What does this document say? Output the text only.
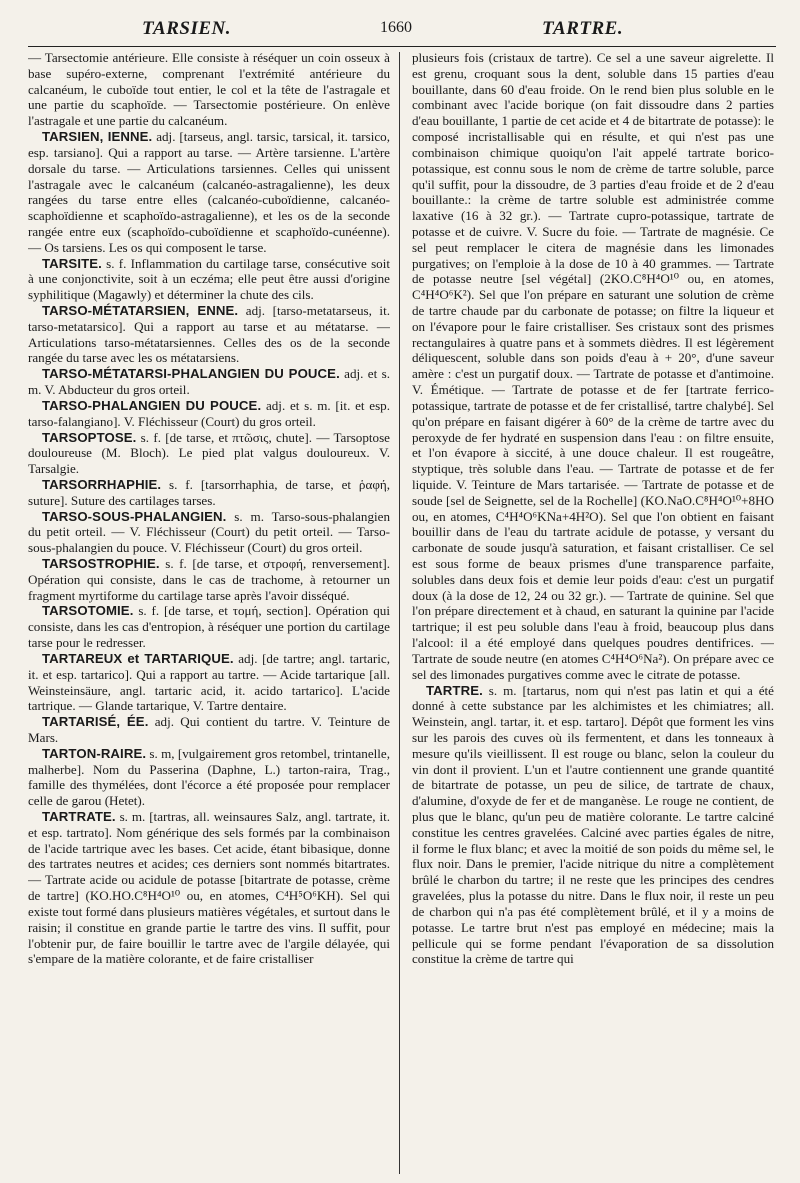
TARSIEN.	1660	TARTRE.

— Tarsectomie antérieure. Elle consiste à réséquer un coin osseux à base supéro-externe, comprenant l'extrémité antérieure du calcanéum, le cuboïde tout entier, le col et la tête de l'astragale et une partie du scaphoïde. — Tarsectomie postérieure. On enlève l'astragale et une partie du calcanéum.

TARSIEN, IENNE. adj. [tarseus, angl. tarsic, tarsical, it. tarsico, esp. tarsiano]. Qui a rapport au tarse. — Artère tarsienne. L'artère dorsale du tarse. — Articulations tarsiennes. Celles qui unissent l'astragale avec le calcanéum (calcanéo-astragalienne), les deux rangées du tarse entre elles (calcanéo-cuboïdienne, calcanéo-scaphoïdienne et scaphoïdo-astragalienne), et les os de la seconde rangée entre eux (scaphoïdo-cuboïdienne et scaphoïdo-cunéenne). — Os tarsiens. Les os qui composent le tarse.

TARSITE. s. f. Inflammation du cartilage tarse, consécutive soit à une conjonctivite, soit à un eczéma; elle peut être aussi d'origine syphilitique (Magawly) et déterminer la chute des cils.

TARSO-MÉTATARSIEN, ENNE. adj. [tarso-metatarseus, it. tarso-metatarsico]. Qui a rapport au tarse et au métatarse. — Articulations tarso-métatarsiennes. Celles des os de la seconde rangée du tarse avec les os métatarsiens.

TARSO-MÉTATARSI-PHALANGIEN DU POUCE. adj. et s. m. V. Abducteur du gros orteil.

TARSO-PHALANGIEN DU POUCE. adj. et s. m. [it. et esp. tarso-falangiano]. V. Fléchisseur (Court) du gros orteil.

TARSOPTOSE. s. f. [de tarse, et πτῶσις, chute]. — Tarsoptose douloureuse (M. Bloch). Le pied plat valgus douloureux. V. Tarsalgie.

TARSORRHAPHIE. s. f. [tarsorrhaphia, de tarse, et ῥαφή, suture]. Suture des cartilages tarses.

TARSO-SOUS-PHALANGIEN. s. m. Tarso-sous-phalangien du petit orteil. — V. Fléchisseur (Court) du petit orteil. — Tarso-sous-phalangien du pouce. V. Fléchisseur (Court) du gros orteil.

TARSOSTROPHIE. s. f. [de tarse, et στροφή, renversement]. Opération qui consiste, dans le cas de trachome, à retourner un fragment myrtiforme du cartilage tarse après l'avoir disséqué.

TARSOTOMIE. s. f. [de tarse, et τομή, section]. Opération qui consiste, dans les cas d'entropion, à réséquer une portion du cartilage tarse pour le redresser.

TARTAREUX et TARTARIQUE. adj. [de tartre; angl. tartaric, it. et esp. tartarico]. Qui a rapport au tartre. — Acide tartarique [all. Weinsteinsäure, angl. tartaric acid, it. acido tartarico]. L'acide tartrique. — Glande tartarique, V. Tartre dentaire.

TARTARISÉ, ÉE. adj. Qui contient du tartre. V. Teinture de Mars.

TARTON-RAIRE. s. m, [vulgairement gros retombel, trintanelle, malherbe]. Nom du Passerina (Daphne, L.) tarton-raira, Trag., famille des thymélées, dont l'écorce a été proposée pour remplacer celle de garou (Hetet).

TARTRATE. s. m. [tartras, all. weinsaures Salz, angl. tartrate, it. et esp. tartrato]. Nom générique des sels formés par la combinaison de l'acide tartrique avec les bases. Cet acide, étant bibasique, donne des tartrates neutres et acides; ces derniers sont nommés bitartrates. — Tartrate acide ou acidule de potasse [bitartrate de potasse, crème de tartre] (KO.HO.C⁸H⁴O¹⁰ ou, en atomes, C⁴H⁵O⁶KH). Sel qui existe tout formé dans plusieurs matières végétales, et surtout dans le raisin; il constitue en grande partie le tartre des vins. Il suffit, pour l'obtenir pur, de faire bouillir le tartre avec de l'argile délayée, qui s'empare de la matière colorante, et de faire cristalliser

plusieurs fois (cristaux de tartre). Ce sel a une saveur aigrelette. Il est grenu, croquant sous la dent, soluble dans 15 parties d'eau bouillante, dans 60 d'eau froide. On le rend bien plus soluble en le combinant avec l'acide borique (on fait dissoudre dans 2 parties d'eau bouillante, 1 partie de cet acide et 4 de bitartrate de potasse): le composé incristallisable qui en résulte, et qui n'est pas une combinaison chimique quoiqu'on l'ait appelé tartrate borico-potassique, est connu sous le nom de crème de tartre soluble, parce qu'il suffit, pour la dissoudre, de 3 parties d'eau froide et de 2 d'eau bouillante.: la crème de tartre soluble est administrée comme laxative (16 à 32 gr.). — Tartrate cupro-potassique, tartrate de potasse et de cuivre. V. Sucre du foie. — Tartrate de magnésie. Ce sel peut remplacer le citera de magnésie dans les limonades purgatives; on l'emploie à la dose de 10 à 40 grammes. — Tartrate de potasse neutre [sel végétal] (2KO.C⁸H⁴O¹⁰ ou, en atomes, C⁴H⁴O⁶K²). Sel que l'on prépare en saturant une solution de crème de tartre chaude par du carbonate de potasse; on filtre la liqueur et on l'évapore pour le faire cristalliser. Ses cristaux sont des prismes rectangulaires à quatre pans et à sommets dièdres. Il est légèrement déliquescent, soluble dans son poids d'eau à + 20°, d'une saveur amère : c'est un purgatif doux. — Tartrate de potasse et d'antimoine. V. Émétique. — Tartrate de potasse et de fer [tartrate ferrico-potassique, tartrate de potasse et de fer cristallisé, tartre chalybé]. Sel qu'on prépare en faisant digérer à 60° de la crème de tartre avec du peroxyde de fer hydraté en suspension dans l'eau : on filtre ensuite, et l'on évapore à siccité, à une douce chaleur. Il est rougeâtre, styptique, très soluble dans l'eau. — Tartrate de potasse et de fer liquide. V. Teinture de Mars tartarisée. — Tartrate de potasse et de soude [sel de Seignette, sel de la Rochelle] (KO.NaO.C⁸H⁴O¹⁰+8HO ou, en atomes, C⁴H⁴O⁶KNa+4H²O). Sel que l'on obtient en faisant bouillir dans de l'eau du tartrate acidule de potasse, y versant du carbonate de soude jusqu'à saturation, et faisant cristalliser. Ce sel est sous forme de beaux prismes d'une transparence parfaite, solubles dans deux fois et demie leur poids d'eau: c'est un purgatif doux (à la dose de 12, 24 ou 32 gr.). — Tartrate de quinine. Sel que l'on prépare directement et à chaud, en saturant la quinine par l'acide tartrique; il est peu soluble dans l'eau à froid, beaucoup plus dans l'alcool: il a été employé dans quelques poudres dentifrices. — Tartrate de soude neutre (en atomes C⁴H⁴O⁶Na²). On prépare avec ce sel des limonades purgatives comme avec le citrate de potasse.

TARTRE. s. m. [tartarus, nom qui n'est pas latin et qui a été donné à cette substance par les alchimistes et les chimiatres; all. Weinstein, angl. tartar, it. et esp. tartaro]. Dépôt que forment les vins sur les parois des cuves où ils fermentent, et dans les tonneaux à mesure qu'ils vieillissent. Il est rouge ou blanc, selon la couleur du vin dont il provient. L'un et l'autre contiennent une grande quantité de bitartrate de potasse, un peu de silice, de tartrate de chaux, d'alumine, d'oxyde de fer et de manganèse. Le rouge ne contient, de plus que le blanc, qu'un peu de matière colorante. Le tartre calciné constitue les centres gravelées. Calciné avec parties égales de nitre, il forme le flux blanc; et avec la moitié de son poids du même sel, le flux noir. Dans le premier, l'acide nitrique du nitre a complètement brûlé le charbon du tartre; il ne reste que les principes des cendres gravelées, plus la potasse du nitre. Dans le flux noir, il reste un peu de charbon qui n'a pas été complètement brûlé, et il y a moins de potasse. Le tartre brut n'est pas employé en médecine; mais la pellicule qui se forme pendant l'évaporation de sa dissolution constitue la crème de tartre qui
